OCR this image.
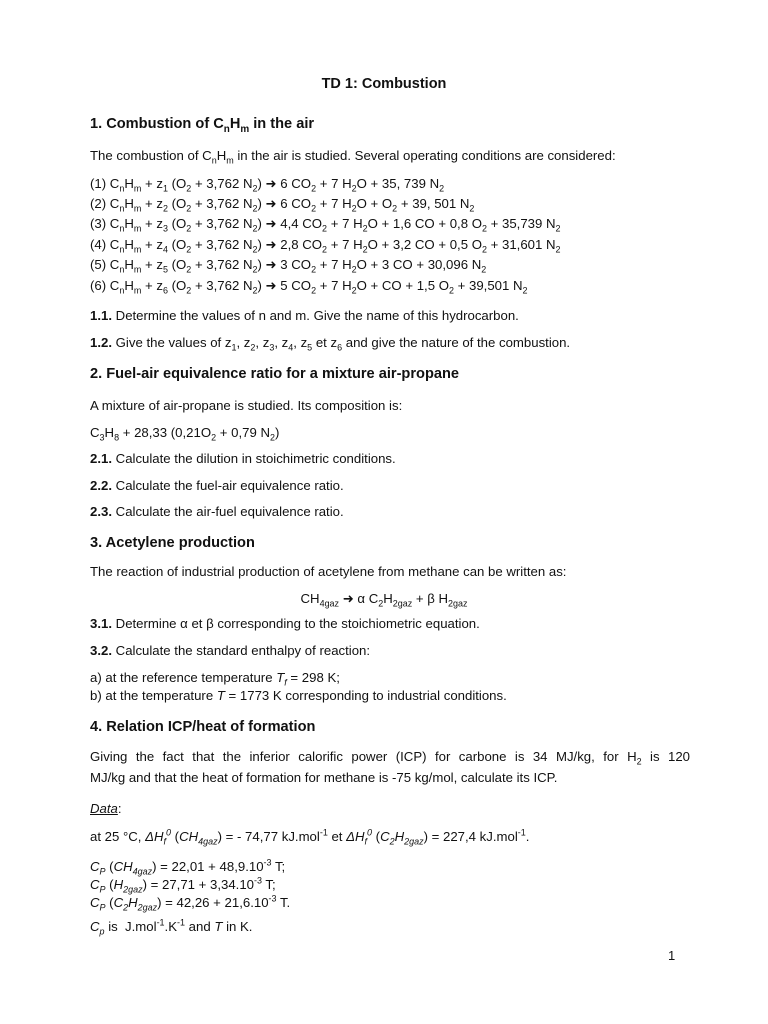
TD 1: Combustion

1. Combustion of $C_nH_m$ in the air

The combustion of $C_nH_m$ in the air is studied. Several operating conditions are considered:

(1) $C_nH_m + z_1$ ($O_2 + 3,762$ $N_2$) ➜ 6 $CO_2 + 7$ $H_2O + 35$, 739 $N_2$

(2) $C_nH_m + z_2$ ($O_2 + 3,762$ $N_2$) ➜ 6 $CO_2 + 7$ $H_2O + O_2 + 39$, 501 $N_2$

(3) $C_nH_m + z_3$ ($O_2 + 3,762$ $N_2$) ➜ 4,4 $CO_2 + 7$ $H_2O + 1,6$ CO + 0,8 $O_2 + 35,739$ $N_2$

(4) $C_nH_m + z_4$ ($O_2 + 3,762$ $N_2$) ➜ 2,8 $CO_2 + 7$ $H_2O + 3,2$ CO + 0,5 $O_2 + 31,601$ $N_2$

(5) $C_nH_m + z_5$ ($O_2 + 3,762$ $N_2$) ➜ 3 $CO_2 + 7$ $H_2O + 3$ CO + 30,096 $N_2$

(6) $C_nH_m + z_6$ ($O_2 + 3,762$ $N_2$) ➜ 5 $CO_2 + 7$ $H_2O$ + CO + 1,5 $O_2 + 39,501$ $N_2$

1.1. Determine the values of n and m. Give the name of this hydrocarbon.

1.2. Give the values of $z_1$, $z_2$, $z_3$, $z_4$, $z_5$ et $z_6$ and give the nature of the combustion.

2. Fuel-air equivalence ratio for a mixture air-propane

A mixture of air-propane is studied. Its composition is:

$C_3H_8 + 28,33$ ($0,21O_2 + 0,79$ $N_2$)

2.1. Calculate the dilution in stoichimetric conditions.

2.2. Calculate the fuel-air equivalence ratio.

2.3. Calculate the air-fuel equivalence ratio.

3. Acetylene production

The reaction of industrial production of acetylene from methane can be written as:

$CH_{4gaz}$ ➜ α $C_2H_{2gaz} + \beta$ $H_{2gaz}$

3.1. Determine α et β corresponding to the stoichiometric equation.

3.2. Calculate the standard enthalpy of reaction:

a) at the reference temperature $T_f = 298$ K;

b) at the temperature T = 1773 K corresponding to industrial conditions.

4. Relation ICP/heat of formation

Giving the fact that the inferior calorific power (ICP) for carbone is 34 MJ/kg, for $H_2$ is 120

MJ/kg and that the heat of formation for methane is -75 kg/mol, calculate its ICP.

Data:

at 25 °C, $\Delta H_f^0$ $(CH_{4gaz})$ = - 74,77 kJ.mol$^{-1}$ et $\Delta H_f^0$ $(C_2H_{2gaz}) = 227,4$ kJ.mol$^{-1}$.

$C_P$ $(CH_{4gaz}) = 22,01 + 48,9.10^{-3}$ T;

$C_P$ $(H_{2gaz}) = 27,71 + 3,34.10^{-3}$ T;

$C_P$ $(C_2H_{2gaz}) = 42,26 + 21,6.10^{-3}$ T.

$C_p$ is  $J.mol^{-1}.K^{-1}$ and T in K.

1
